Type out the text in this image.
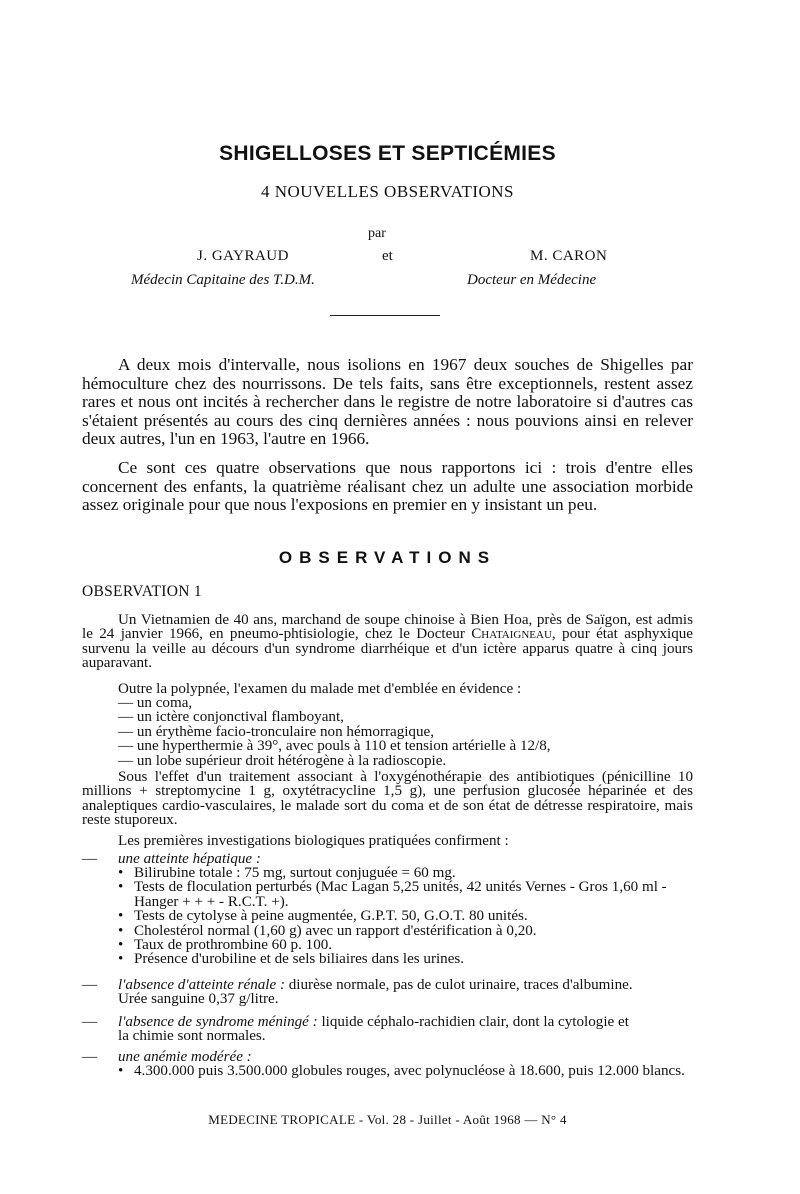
SHIGELLOSES ET SEPTICÉMIES
4 NOUVELLES OBSERVATIONS
par
J. GAYRAUD
Médecin Capitaine des T.D.M.
et	M. CARON
Docteur en Médecine

A deux mois d'intervalle, nous isolions en 1967 deux souches de Shigelles par hémoculture chez des nourrissons. De tels faits, sans être exceptionnels, restent assez rares et nous ont incités à rechercher dans le registre de notre laboratoire si d'autres cas s'étaient présentés au cours des cinq dernières années : nous pouvions ainsi en relever deux autres, l'un en 1963, l'autre en 1966.

Ce sont ces quatre observations que nous rapportons ici : trois d'entre elles concernent des enfants, la quatrième réalisant chez un adulte une association morbide assez originale pour que nous l'exposions en premier en y insistant un peu.

OBSERVATIONS
OBSERVATION 1

Un Vietnamien de 40 ans, marchand de soupe chinoise à Bien Hoa, près de Saïgon, est admis le 24 janvier 1966, en pneumo-phtisiologie, chez le Docteur Chataigneau, pour état asphyxique survenu la veille au décours d'un syndrome diarrhéique et d'un ictère apparus quatre à cinq jours auparavant.

Outre la polypnée, l'examen du malade met d'emblée en évidence :

— un coma,
— un ictère conjonctival flamboyant,
— un érythème facio-tronculaire non hémorragique,
— une hyperthermie à 39°, avec pouls à 110 et tension artérielle à 12/8,
— un lobe supérieur droit hétérogène à la radioscopie.

Sous l'effet d'un traitement associant à l'oxygénothérapie des antibiotiques (pénicilline 10 millions + streptomycine 1 g, oxytétracycline 1,5 g), une perfusion glucosée héparinée et des analeptiques cardio-vasculaires, le malade sort du coma et de son état de détresse respiratoire, mais reste stuporeux.

Les premières investigations biologiques pratiquées confirment :

— une atteinte hépatique :
• Bilirubine totale : 75 mg, surtout conjuguée = 60 mg.
• Tests de floculation perturbés (Mac Lagan 5,25 unités, 42 unités Vernes - Gros 1,60 ml - Hanger + + + - R.C.T. +).
• Tests de cytolyse à peine augmentée, G.P.T. 50, G.O.T. 80 unités.
• Cholestérol normal (1,60 g) avec un rapport d'estérification à 0,20.
• Taux de prothrombine 60 p. 100.
• Présence d'urobiline et de sels biliaires dans les urines.
— l'absence d'atteinte rénale : diurèse normale, pas de culot urinaire, traces d'albumine.
Urée sanguine 0,37 g/litre.
— l'absence de syndrome méningé : liquide céphalo-rachidien clair, dont la cytologie et
la chimie sont normales.
— une anémie modérée :
• 4.300.000 puis 3.500.000 globules rouges, avec polynucléose à 18.600, puis 12.000 blancs.
MEDECINE TROPICALE - Vol. 28 - Juillet - Août 1968 — N° 4
